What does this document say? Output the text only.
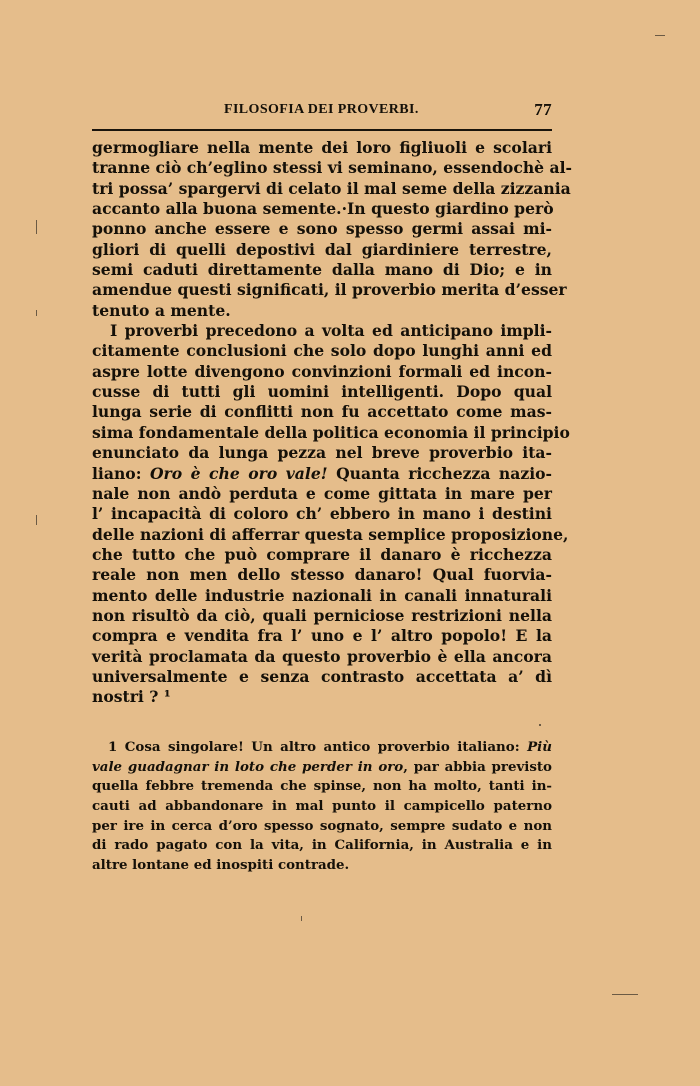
FILOSOFIA DEI PROVERBI.	77
germogliare nella mente dei loro figliuoli e scolari
tranne ciò ch’eglino stessi vi seminano, essendochè al-
tri possa’ spargervi di celato il mal seme della zizzania
accanto alla buona semente.·In questo giardino però
ponno anche essere e sono spesso germi assai mi-
gliori di quelli depostivi dal giardiniere terrestre,
semi caduti direttamente dalla mano di Dio; e in
amendue questi significati, il proverbio merita d’esser
tenuto a mente.
I proverbi precedono a volta ed anticipano impli-
citamente conclusioni che solo dopo lunghi anni ed
aspre lotte divengono convinzioni formali ed incon-
cusse di tutti gli uomini intelligenti. Dopo qual
lunga serie di conflitti non fu accettato come mas-
sima fondamentale della politica economia il principio
enunciato da lunga pezza nel breve proverbio ita-
liano: Oro è che oro vale! Quanta ricchezza nazio-
nale non andò perduta e come gittata in mare per
l’ incapacità di coloro ch’ ebbero in mano i destini
delle nazioni di afferrar questa semplice proposizione,
che tutto che può comprare il danaro è ricchezza
reale non men dello stesso danaro! Qual fuorvia-
mento delle industrie nazionali in canali innaturali
non risultò da ciò, quali perniciose restrizioni nella
compra e vendita fra l’ uno e l’ altro popolo! E la
verità proclamata da questo proverbio è ella ancora
universalmente e senza contrasto accettata a’ dì
nostri ? ¹
1 Cosa singolare! Un altro antico proverbio italiano: Più
vale guadagnar in loto che perder in oro, par abbia previsto
quella febbre tremenda che spinse, non ha molto, tanti in-
cauti ad abbandonare in mal punto il campicello paterno
per ire in cerca d’oro spesso sognato, sempre sudato e non
di rado pagato con la vita, in California, in Australia e in
altre lontane ed inospiti contrade.
